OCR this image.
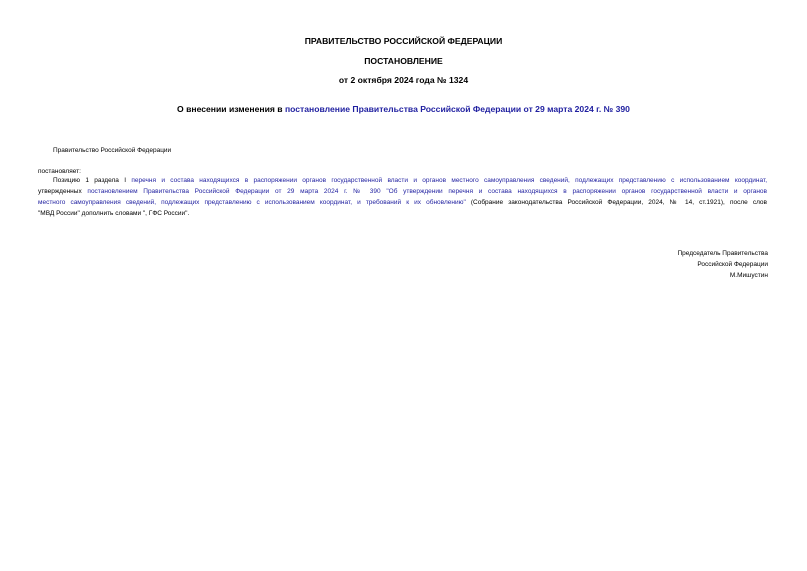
ПРАВИТЕЛЬСТВО РОССИЙСКОЙ ФЕДЕРАЦИИ
ПОСТАНОВЛЕНИЕ
от 2 октября 2024 года № 1324
О внесении изменения в постановление Правительства Российской Федерации от 29 марта 2024 г. № 390
Правительство Российской Федерации
постановляет:
Позицию 1 раздела I перечня и состава находящихся в распоряжении органов государственной власти и органов местного самоуправления сведений, подлежащих представлению с использованием координат,
утвержденных постановлением Правительства Российской Федерации от 29 марта 2024 г. № 390 "Об утверждении перечня и состава находящихся в распоряжении органов государственной власти и органов
местного самоуправления сведений, подлежащих представлению с использованием координат, и требований к их обновлению" (Собрание законодательства Российской Федерации, 2024, № 14, ст.1921), после слов
"МВД России" дополнить словами ", ГФС России".
Председатель Правительства
Российской Федерации
М.Мишустин
